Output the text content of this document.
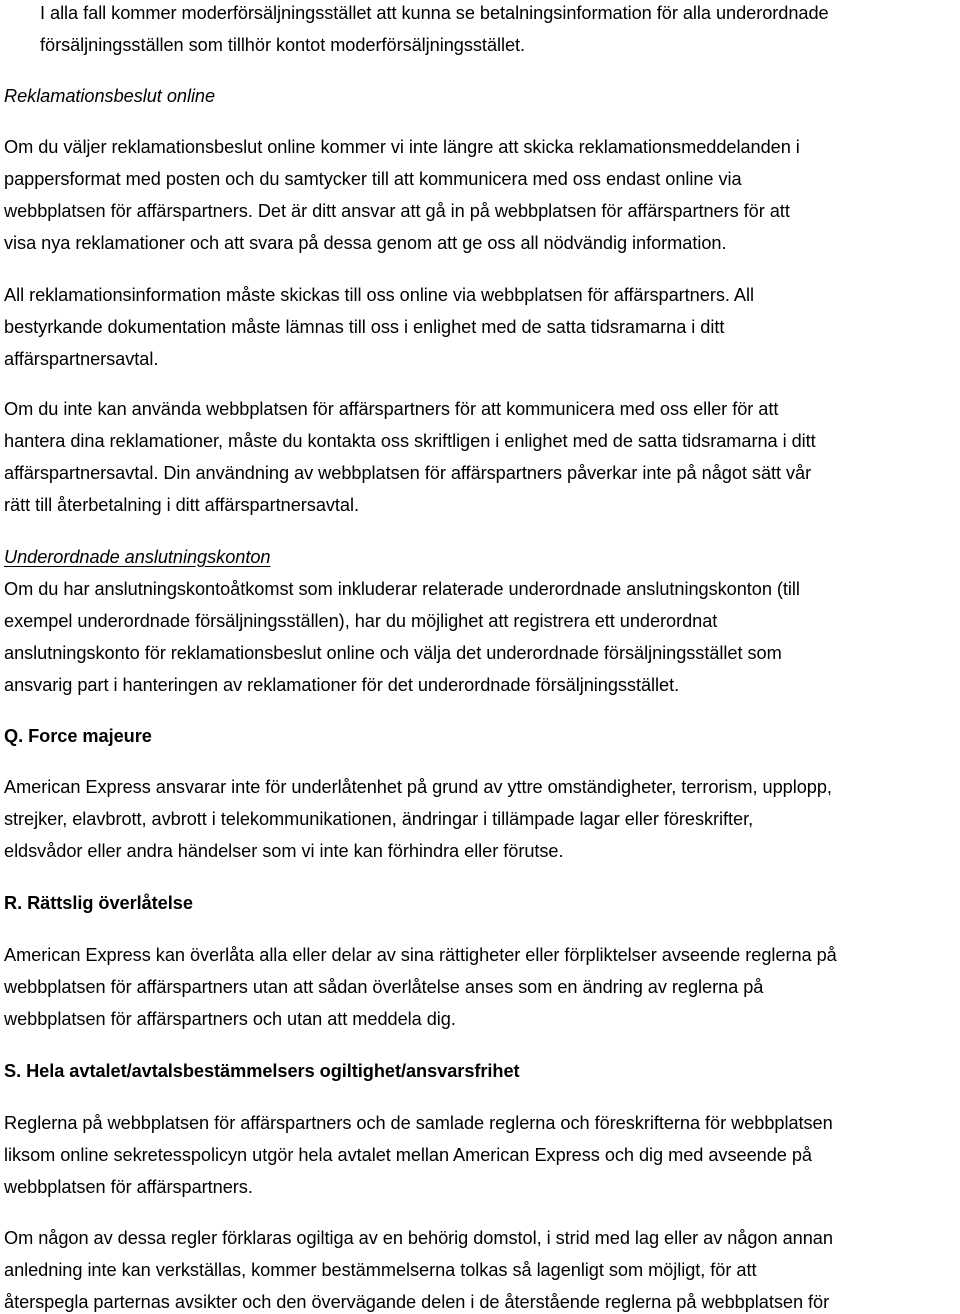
I alla fall kommer moderförsäljningsstället att kunna se betalningsinformation för alla underordnade
försäljningsställen som tillhör kontot moderförsäljningsstället.

Reklamationsbeslut online

Om du väljer reklamationsbeslut online kommer vi inte längre att skicka reklamationsmeddelanden i
pappersformat med posten och du samtycker till att kommunicera med oss endast online via
webbplatsen för affärspartners. Det är ditt ansvar att gå in på webbplatsen för affärspartners för att
visa nya reklamationer och att svara på dessa genom att ge oss all nödvändig information.

All reklamationsinformation måste skickas till oss online via webbplatsen för affärspartners. All
bestyrkande dokumentation måste lämnas till oss i enlighet med de satta tidsramarna i ditt
affärspartnersavtal.

Om du inte kan använda webbplatsen för affärspartners för att kommunicera med oss eller för att
hantera dina reklamationer, måste du kontakta oss skriftligen i enlighet med de satta tidsramarna i ditt
affärspartnersavtal. Din användning av webbplatsen för affärspartners påverkar inte på något sätt vår
rätt till återbetalning i ditt affärspartnersavtal.

Underordnade anslutningskonton

Om du har anslutningskontoåtkomst som inkluderar relaterade underordnade anslutningskonton (till
exempel underordnade försäljningsställen), har du möjlighet att registrera ett underordnat
anslutningskonto för reklamationsbeslut online och välja det underordnade försäljningsstället som
ansvarig part i hanteringen av reklamationer för det underordnade försäljningsstället.

Q. Force majeure

American Express ansvarar inte för underlåtenhet på grund av yttre omständigheter, terrorism, upplopp,
strejker, elavbrott, avbrott i telekommunikationen, ändringar i tillämpade lagar eller föreskrifter,
eldsvådor eller andra händelser som vi inte kan förhindra eller förutse.

R. Rättslig överlåtelse

American Express kan överlåta alla eller delar av sina rättigheter eller förpliktelser avseende reglerna på
webbplatsen för affärspartners utan att sådan överlåtelse anses som en ändring av reglerna på
webbplatsen för affärspartners och utan att meddela dig.

S. Hela avtalet/avtalsbestämmelsers ogiltighet/ansvarsfrihet

Reglerna på webbplatsen för affärspartners och de samlade reglerna och föreskrifterna för webbplatsen
liksom online sekretesspolicyn utgör hela avtalet mellan American Express och dig med avseende på
webbplatsen för affärspartners.

Om någon av dessa regler förklaras ogiltiga av en behörig domstol, i strid med lag eller av någon annan
anledning inte kan verkställas, kommer bestämmelserna tolkas så lagenligt som möjligt, för att
återspegla parternas avsikter och den övervägande delen i de återstående reglerna på webbplatsen för
